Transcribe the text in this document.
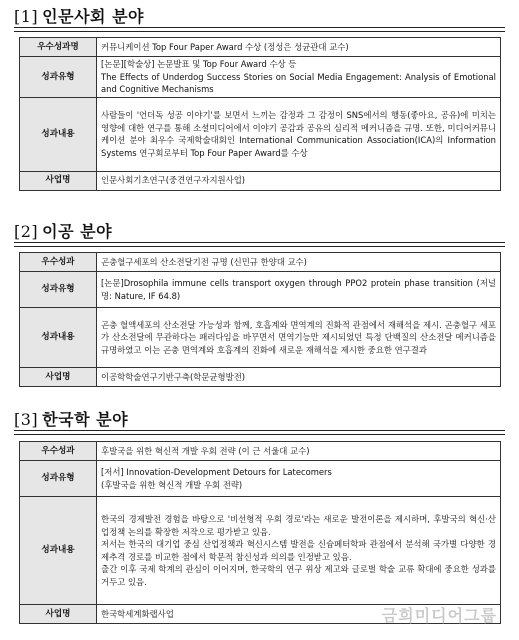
[1] 인문사회 분야
우수성과명	커뮤니케이션 Top Four Paper Award 수상 (정성은 성균관대 교수)
성과유형	[논문][학술상] 논문발표 및 Top Four Award 수상 등
The Effects of Underdog Success Stories on Social Media Engagement: Analysis of Emotional and Cognitive Mechanisms
성과내용	사람들이 '언더독 성공 이야기'를 보면서 느끼는 감정과 그 감정이 SNS에서의 행동(좋아요, 공유)에 미치는 영향에 대한 연구를 통해 소셜미디어에서 이야기 공감과 공유의 심리적 메커니즘을 규명. 또한, 미디어커뮤니케이션 분야 최우수 국제학술대회인 International Communication Association(ICA)의 Information Systems 연구회로부터 Top Four Paper Award를 수상
사업명	인문사회기초연구(중견연구자지원사업)
[2] 이공 분야
우수성과	곤충혈구세포의 산소전달기전 규명 (신민규 한양대 교수)
성과유형	[논문]Drosophila immune cells transport oxygen through PPO2 protein phase transition (저널명: Nature, IF 64.8)
성과내용	곤충 혈액세포의 산소전달 가능성과 함께, 호흡계와 면역계의 진화적 관점에서 재해석을 제시. 곤충혈구 세포가 산소전달에 무관하다는 패러다임을 바꾸면서 면역기능만 제시되었던 특정 단백질의 산소전달 메커니즘을 규명하였고 이는 곤충 면역계와 호흡계의 진화에 새로운 재해석을 제시한 중요한 연구결과
사업명	이공학학술연구기반구축(학문균형발전)
[3] 한국학 분야
우수성과	후발국을 위한 혁신적 개발 우회 전략 (이 근 서울대 교수)
성과유형	[저서] Innovation-Development Detours for Latecomers
(후발국을 위한 혁신적 개발 우회 전략)
성과내용	한국의 경제발전 경험을 바탕으로 '비선형적 우회 경로'라는 새로운 발전이론을 제시하며, 후발국의 혁신·산업정책 논의를 확장한 저작으로 평가받고 있음.
저서는 한국의 대기업 중심 산업정책과 혁신시스템 발전을 신슘페터학파 관점에서 분석해 국가별 다양한 경제추격 경로를 비교한 점에서 학문적 참신성과 의의를 인정받고 있음.
출간 이후 국제 학계의 관심이 이어지며, 한국학의 연구 위상 제고와 글로벌 학술 교류 확대에 중요한 성과를 거두고 있음.
사업명	한국학세계화랩사업	금희미디어그룹
